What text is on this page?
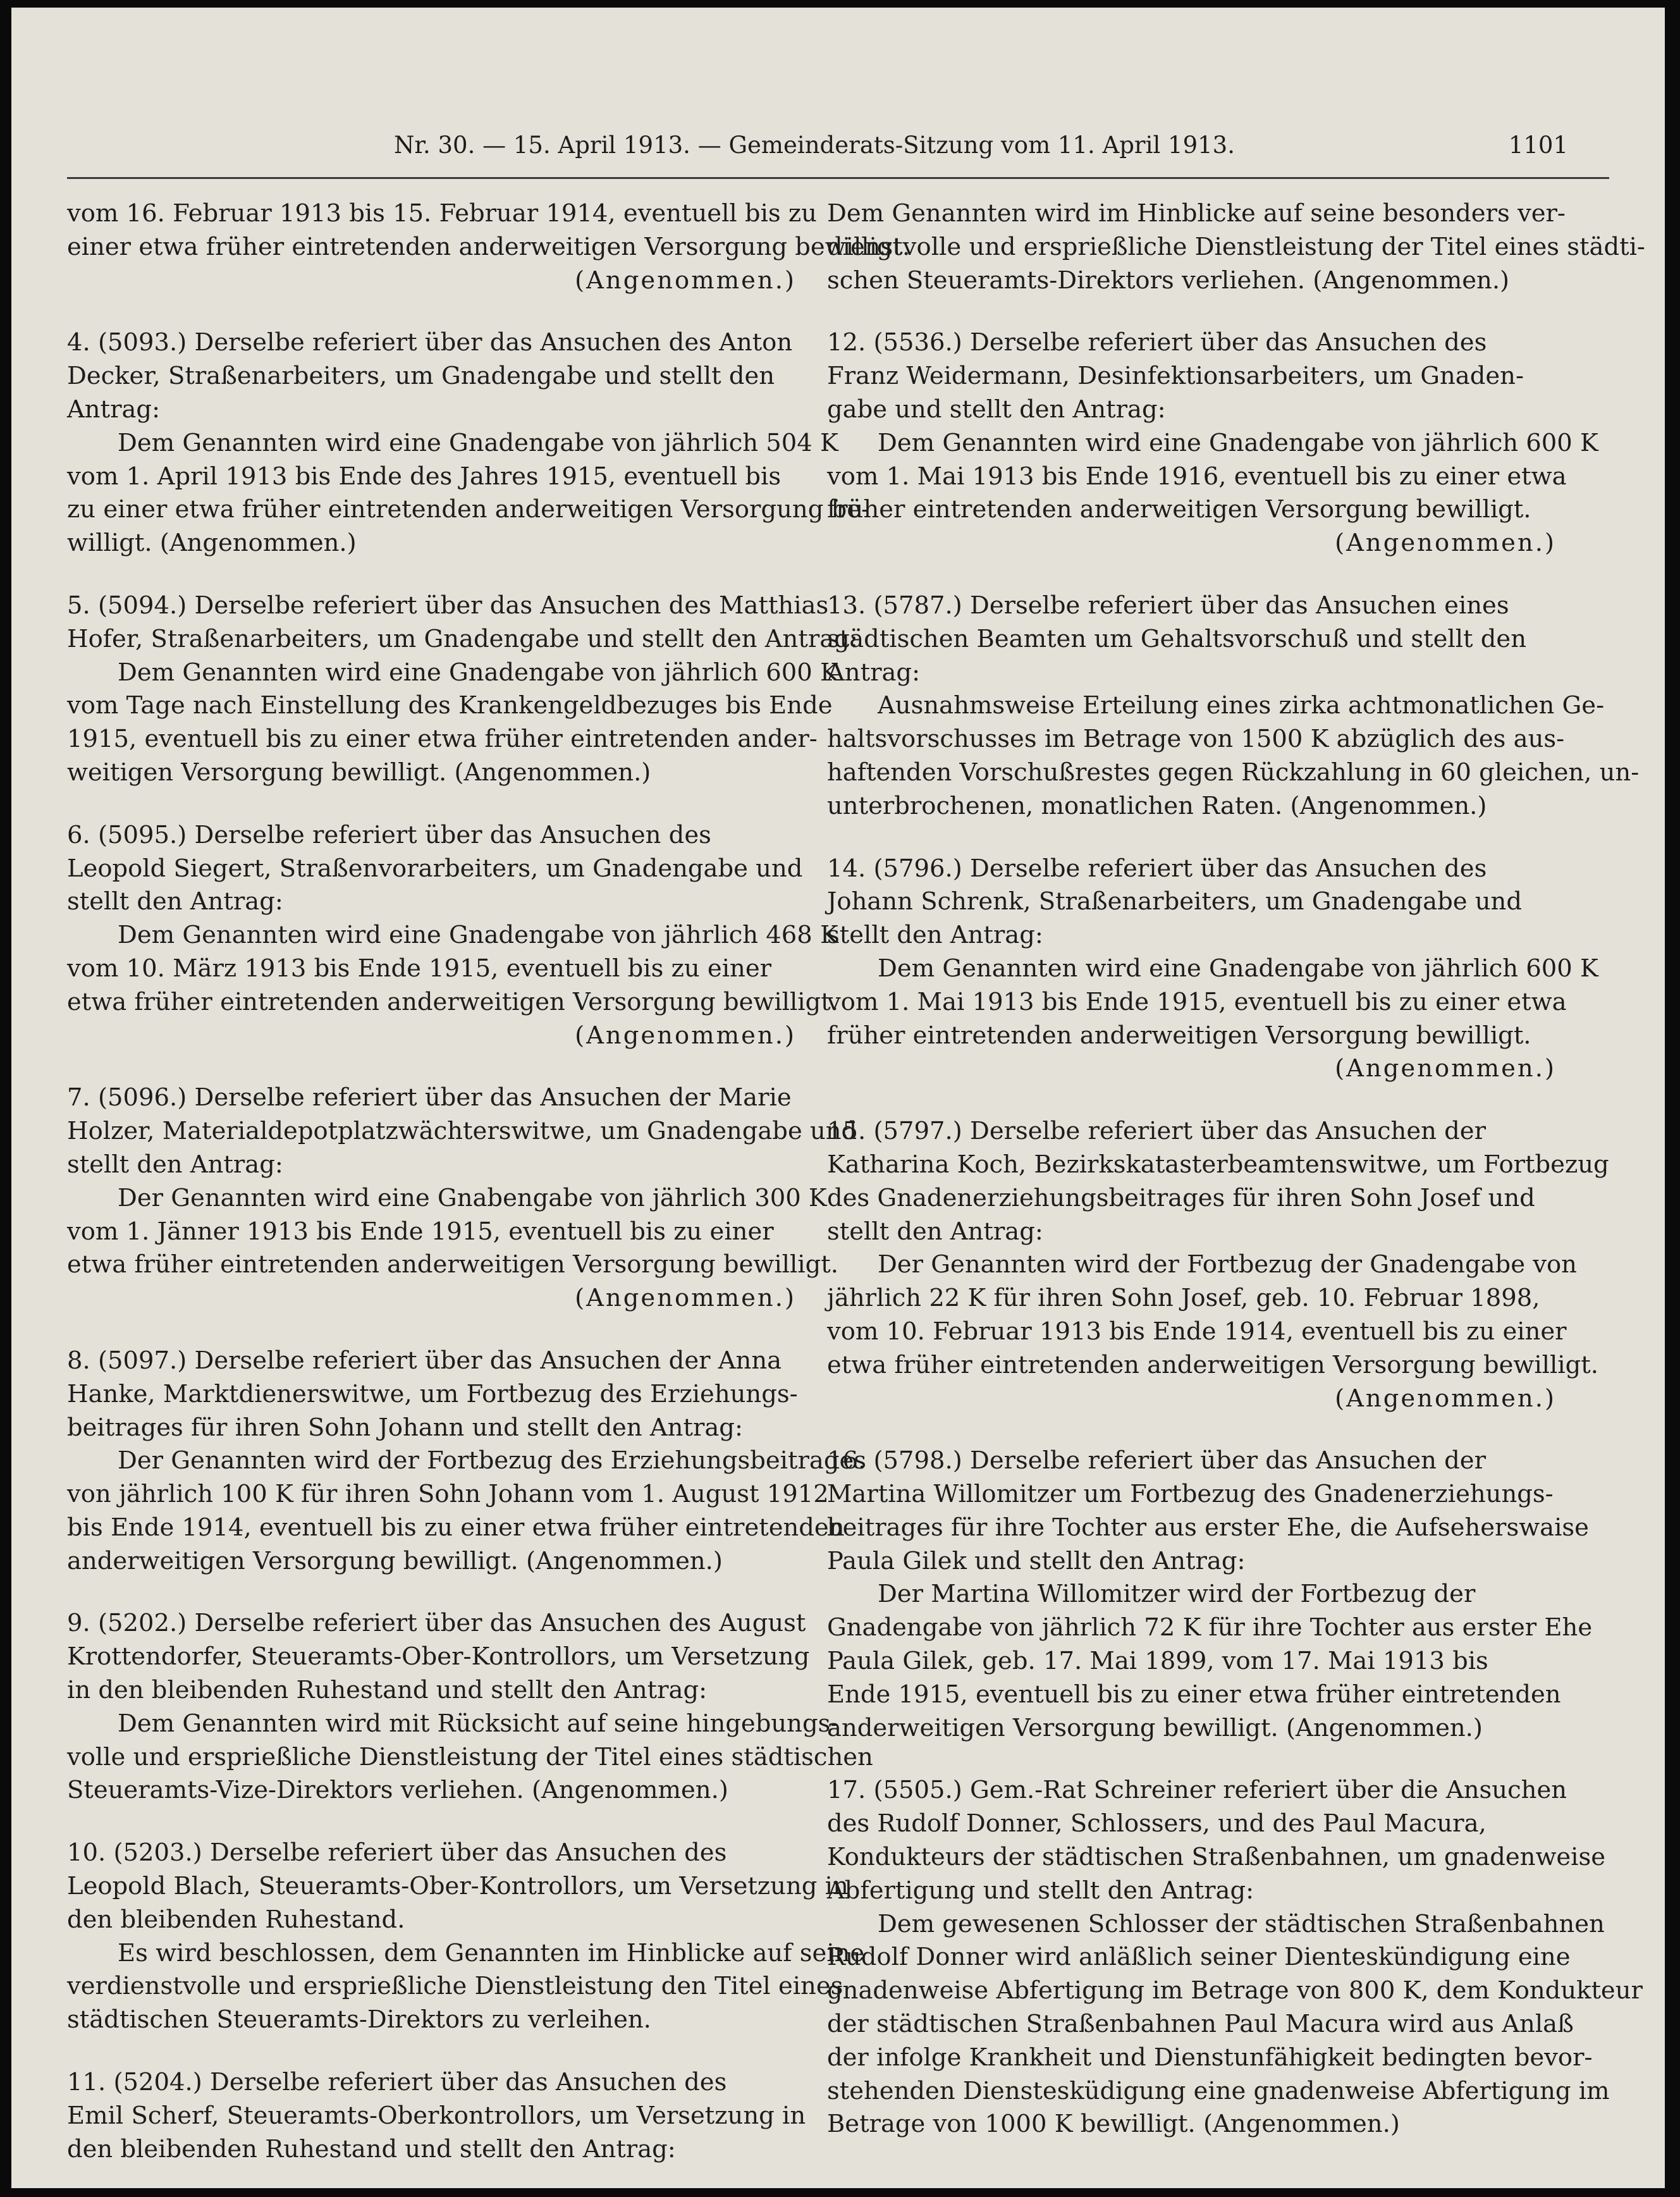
Nr. 30. — 15. April 1913. — Gemeinderats-Sitzung vom 11. April 1913.	1101
vom 16. Februar 1913 bis 15. Februar 1914, eventuell bis zu
einer etwa früher eintretenden anderweitigen Versorgung bewilligt.
(Angenommen.)
4. (5093.) Derselbe referiert über das Ansuchen des Anton
Decker, Straßenarbeiters, um Gnadengabe und stellt den
Antrag:
Dem Genannten wird eine Gnadengabe von jährlich 504 K
vom 1. April 1913 bis Ende des Jahres 1915, eventuell bis
zu einer etwa früher eintretenden anderweitigen Versorgung be-
willigt. (Angenommen.)
5. (5094.) Derselbe referiert über das Ansuchen des Matthias
Hofer, Straßenarbeiters, um Gnadengabe und stellt den Antrag:
Dem Genannten wird eine Gnadengabe von jährlich 600 K
vom Tage nach Einstellung des Krankengeldbezuges bis Ende
1915, eventuell bis zu einer etwa früher eintretenden ander-
weitigen Versorgung bewilligt. (Angenommen.)
6. (5095.) Derselbe referiert über das Ansuchen des
Leopold Siegert, Straßenvorarbeiters, um Gnadengabe und
stellt den Antrag:
Dem Genannten wird eine Gnadengabe von jährlich 468 K
vom 10. März 1913 bis Ende 1915, eventuell bis zu einer
etwa früher eintretenden anderweitigen Versorgung bewilligt.
(Angenommen.)
7. (5096.) Derselbe referiert über das Ansuchen der Marie
Holzer, Materialdepotplatzwächterswitwe, um Gnadengabe und
stellt den Antrag:
Der Genannten wird eine Gnabengabe von jährlich 300 K
vom 1. Jänner 1913 bis Ende 1915, eventuell bis zu einer
etwa früher eintretenden anderweitigen Versorgung bewilligt.
(Angenommen.)
8. (5097.) Derselbe referiert über das Ansuchen der Anna
Hanke, Marktdienerswitwe, um Fortbezug des Erziehungs-
beitrages für ihren Sohn Johann und stellt den Antrag:
Der Genannten wird der Fortbezug des Erziehungsbeitrages
von jährlich 100 K für ihren Sohn Johann vom 1. August 1912
bis Ende 1914, eventuell bis zu einer etwa früher eintretenden
anderweitigen Versorgung bewilligt. (Angenommen.)
9. (5202.) Derselbe referiert über das Ansuchen des August
Krottendorfer, Steueramts-Ober-Kontrollors, um Versetzung
in den bleibenden Ruhestand und stellt den Antrag:
Dem Genannten wird mit Rücksicht auf seine hingebungs-
volle und ersprießliche Dienstleistung der Titel eines städtischen
Steueramts-Vize-Direktors verliehen. (Angenommen.)
10. (5203.) Derselbe referiert über das Ansuchen des
Leopold Blach, Steueramts-Ober-Kontrollors, um Versetzung in
den bleibenden Ruhestand.
Es wird beschlossen, dem Genannten im Hinblicke auf seine
verdienstvolle und ersprießliche Dienstleistung den Titel eines
städtischen Steueramts-Direktors zu verleihen.
11. (5204.) Derselbe referiert über das Ansuchen des
Emil Scherf, Steueramts-Oberkontrollors, um Versetzung in
den bleibenden Ruhestand und stellt den Antrag:
Dem Genannten wird im Hinblicke auf seine besonders ver-
dienstvolle und ersprießliche Dienstleistung der Titel eines städti-
schen Steueramts-Direktors verliehen. (Angenommen.)
12. (5536.) Derselbe referiert über das Ansuchen des
Franz Weidermann, Desinfektionsarbeiters, um Gnaden-
gabe und stellt den Antrag:
Dem Genannten wird eine Gnadengabe von jährlich 600 K
vom 1. Mai 1913 bis Ende 1916, eventuell bis zu einer etwa
früher eintretenden anderweitigen Versorgung bewilligt.
(Angenommen.)
13. (5787.) Derselbe referiert über das Ansuchen eines
städtischen Beamten um Gehaltsvorschuß und stellt den
Antrag:
Ausnahmsweise Erteilung eines zirka achtmonatlichen Ge-
haltsvorschusses im Betrage von 1500 K abzüglich des aus-
haftenden Vorschußrestes gegen Rückzahlung in 60 gleichen, un-
unterbrochenen, monatlichen Raten. (Angenommen.)
14. (5796.) Derselbe referiert über das Ansuchen des
Johann Schrenk, Straßenarbeiters, um Gnadengabe und
stellt den Antrag:
Dem Genannten wird eine Gnadengabe von jährlich 600 K
vom 1. Mai 1913 bis Ende 1915, eventuell bis zu einer etwa
früher eintretenden anderweitigen Versorgung bewilligt.
(Angenommen.)
15. (5797.) Derselbe referiert über das Ansuchen der
Katharina Koch, Bezirkskatasterbeamtenswitwe, um Fortbezug
des Gnadenerziehungsbeitrages für ihren Sohn Josef und
stellt den Antrag:
Der Genannten wird der Fortbezug der Gnadengabe von
jährlich 22 K für ihren Sohn Josef, geb. 10. Februar 1898,
vom 10. Februar 1913 bis Ende 1914, eventuell bis zu einer
etwa früher eintretenden anderweitigen Versorgung bewilligt.
(Angenommen.)
16. (5798.) Derselbe referiert über das Ansuchen der
Martina Willomitzer um Fortbezug des Gnadenerziehungs-
beitrages für ihre Tochter aus erster Ehe, die Aufseherswaise
Paula Gilek und stellt den Antrag:
Der Martina Willomitzer wird der Fortbezug der
Gnadengabe von jährlich 72 K für ihre Tochter aus erster Ehe
Paula Gilek, geb. 17. Mai 1899, vom 17. Mai 1913 bis
Ende 1915, eventuell bis zu einer etwa früher eintretenden
anderweitigen Versorgung bewilligt. (Angenommen.)
17. (5505.) Gem.-Rat Schreiner referiert über die Ansuchen
des Rudolf Donner, Schlossers, und des Paul Macura,
Kondukteurs der städtischen Straßenbahnen, um gnadenweise
Abfertigung und stellt den Antrag:
Dem gewesenen Schlosser der städtischen Straßenbahnen
Rudolf Donner wird anläßlich seiner Dienteskündigung eine
gnadenweise Abfertigung im Betrage von 800 K, dem Kondukteur
der städtischen Straßenbahnen Paul Macura wird aus Anlaß
der infolge Krankheit und Dienstunfähigkeit bedingten bevor-
stehenden Dienstesküdigung eine gnadenweise Abfertigung im
Betrage von 1000 K bewilligt. (Angenommen.)
